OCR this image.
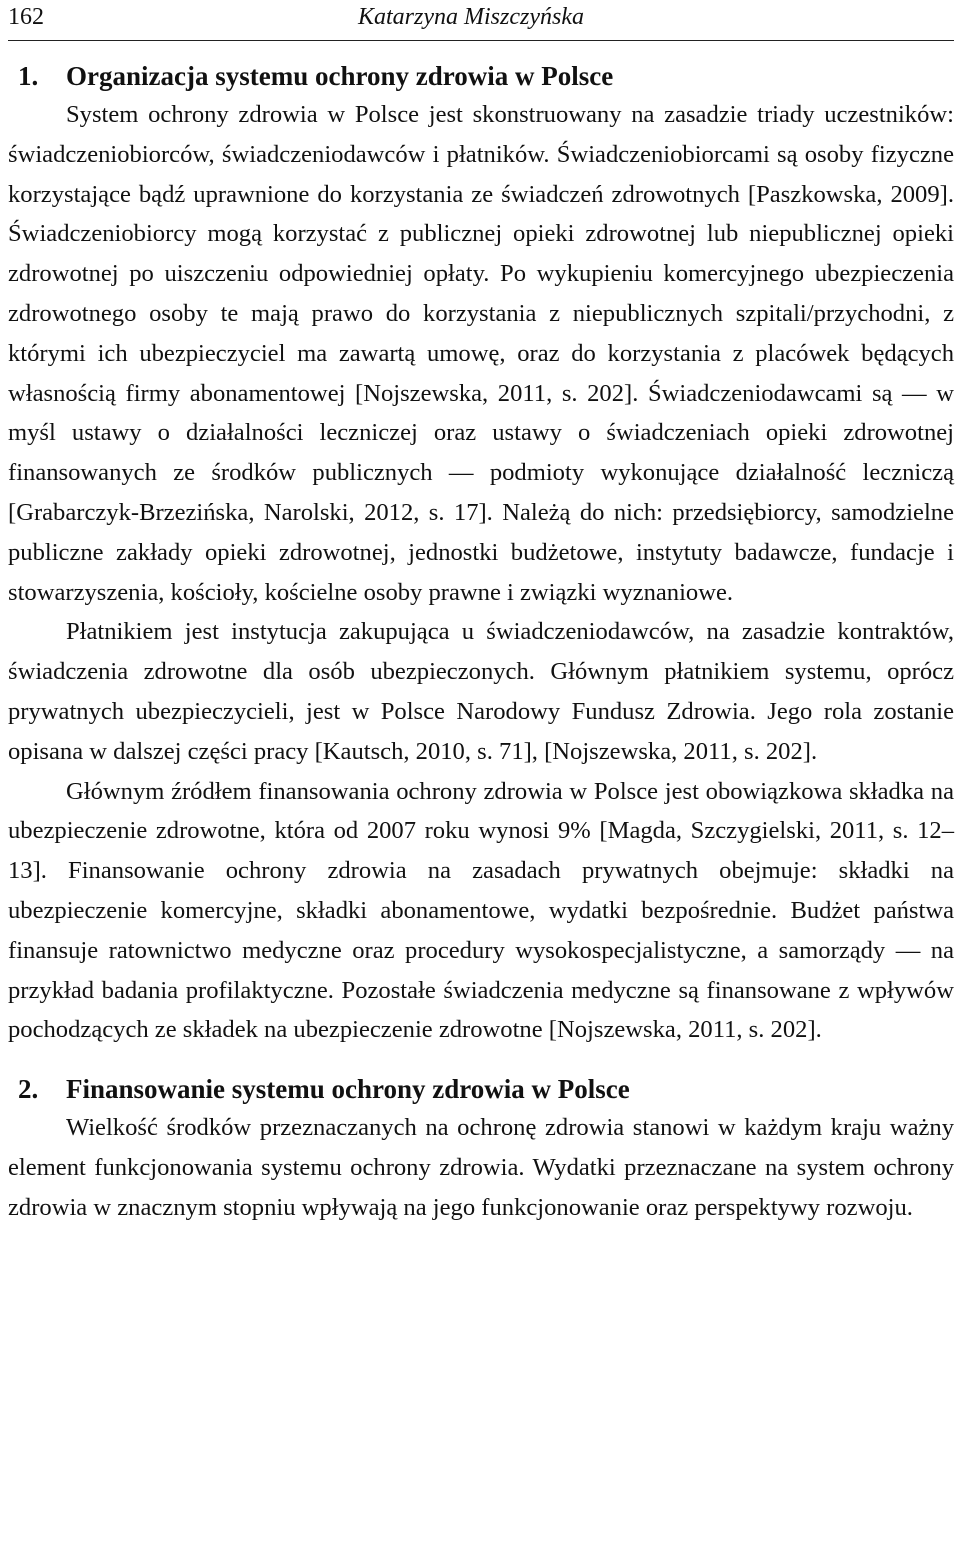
162	Katarzyna Miszczyńska
1. Organizacja systemu ochrony zdrowia w Polsce

System ochrony zdrowia w Polsce jest skonstruowany na zasadzie triady uczestników: świadczeniobiorców, świadczeniodawców i płatników. Świadczeniobiorcami są osoby fizyczne korzystające bądź uprawnione do korzystania ze świadczeń zdrowotnych [Paszkowska, 2009]. Świadczeniobiorcy mogą korzystać z publicznej opieki zdrowotnej lub niepublicznej opieki zdrowotnej po uiszczeniu odpowiedniej opłaty. Po wykupieniu komercyjnego ubezpieczenia zdrowotnego osoby te mają prawo do korzystania z niepublicznych szpitali/przychodni, z którymi ich ubezpieczyciel ma zawartą umowę, oraz do korzystania z placówek będących własnością firmy abonamentowej [Nojszewska, 2011, s. 202]. Świadczeniodawcami są — w myśl ustawy o działalności leczniczej oraz ustawy o świadczeniach opieki zdrowotnej finansowanych ze środków publicznych — podmioty wykonujące działalność leczniczą [Grabarczyk-Brzezińska, Narolski, 2012, s. 17]. Należą do nich: przedsiębiorcy, samodzielne publiczne zakłady opieki zdrowotnej, jednostki budżetowe, instytuty badawcze, fundacje i stowarzyszenia, kościoły, kościelne osoby prawne i związki wyznaniowe.

Płatnikiem jest instytucja zakupująca u świadczeniodawców, na zasadzie kontraktów, świadczenia zdrowotne dla osób ubezpieczonych. Głównym płatnikiem systemu, oprócz prywatnych ubezpieczycieli, jest w Polsce Narodowy Fundusz Zdrowia. Jego rola zostanie opisana w dalszej części pracy [Kautsch, 2010, s. 71], [Nojszewska, 2011, s. 202].

Głównym źródłem finansowania ochrony zdrowia w Polsce jest obowiązkowa składka na ubezpieczenie zdrowotne, która od 2007 roku wynosi 9% [Magda, Szczygielski, 2011, s. 12–13]. Finansowanie ochrony zdrowia na zasadach prywatnych obejmuje: składki na ubezpieczenie komercyjne, składki abonamentowe, wydatki bezpośrednie. Budżet państwa finansuje ratownictwo medyczne oraz procedury wysokospecjalistyczne, a samorządy — na przykład badania profilaktyczne. Pozostałe świadczenia medyczne są finansowane z wpływów pochodzących ze składek na ubezpieczenie zdrowotne [Nojszewska, 2011, s. 202].

2. Finansowanie systemu ochrony zdrowia w Polsce

Wielkość środków przeznaczanych na ochronę zdrowia stanowi w każdym kraju ważny element funkcjonowania systemu ochrony zdrowia. Wydatki przeznaczane na system ochrony zdrowia w znacznym stopniu wpływają na jego funkcjonowanie oraz perspektywy rozwoju.
